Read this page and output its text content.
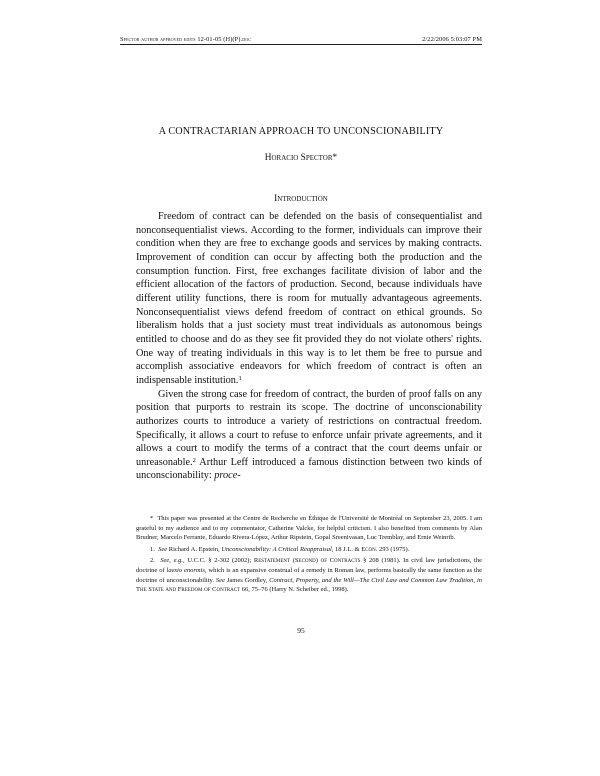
Spector author approved edits 12-01-05 (H)(P).doc	2/22/2006 5:03:07 PM
A CONTRACTARIAN APPROACH TO UNCONSCIONABILITY
Horacio Spector*
Introduction

Freedom of contract can be defended on the basis of consequentialist and nonconsequentialist views. According to the former, individuals can improve their condition when they are free to exchange goods and services by making contracts. Improvement of condition can occur by affecting both the production and the consumption function. First, free exchanges facilitate division of labor and the efficient allocation of the factors of production. Second, because individuals have different utility functions, there is room for mutually advantageous agreements. Nonconsequentialist views defend freedom of contract on ethical grounds. So liberalism holds that a just society must treat individuals as autonomous beings entitled to choose and do as they see fit provided they do not violate others' rights. One way of treating individuals in this way is to let them be free to pursue and accomplish associative endeavors for which freedom of contract is often an indispensable institution.$^1$

Given the strong case for freedom of contract, the burden of proof falls on any position that purports to restrain its scope. The doctrine of unconscionability authorizes courts to introduce a variety of restrictions on contractual freedom. Specifically, it allows a court to refuse to enforce unfair private agreements, and it allows a court to modify the terms of a contract that the court deems unfair or unreasonable.$^2$ Arthur Leff introduced a famous distinction between two kinds of unconscionability: proce-

* This paper was presented at the Centre de Recherche en Éthique de l'Université de Montréal on September 23, 2005. I am grateful to my audience and to my commentator, Catherine Valcke, for helpful criticism. I also benefited from comments by Alan Brudner, Marcelo Ferrante, Eduardo Rivera-López, Arthur Ripstein, Gopal Sreenivasan, Luc Tremblay, and Ernie Weinrib.

1. See Richard A. Epstein, Unconscionability: A Critical Reappraisal, 18 J.L. & Econ. 293 (1975).

2. See, e.g., U.C.C. § 2-302 (2002); Restatement (Second) of Contracts § 208 (1981). In civil law jurisdictions, the doctrine of laesio enormis, which is an expansive construal of a remedy in Roman law, performs basically the same function as the doctrine of unconscionability. See James Gordley, Contract, Property, and the Will—The Civil Law and Common Law Tradition, in The State and Freedom of Contract 66, 75–76 (Harry N. Scheiber ed., 1998).

95
